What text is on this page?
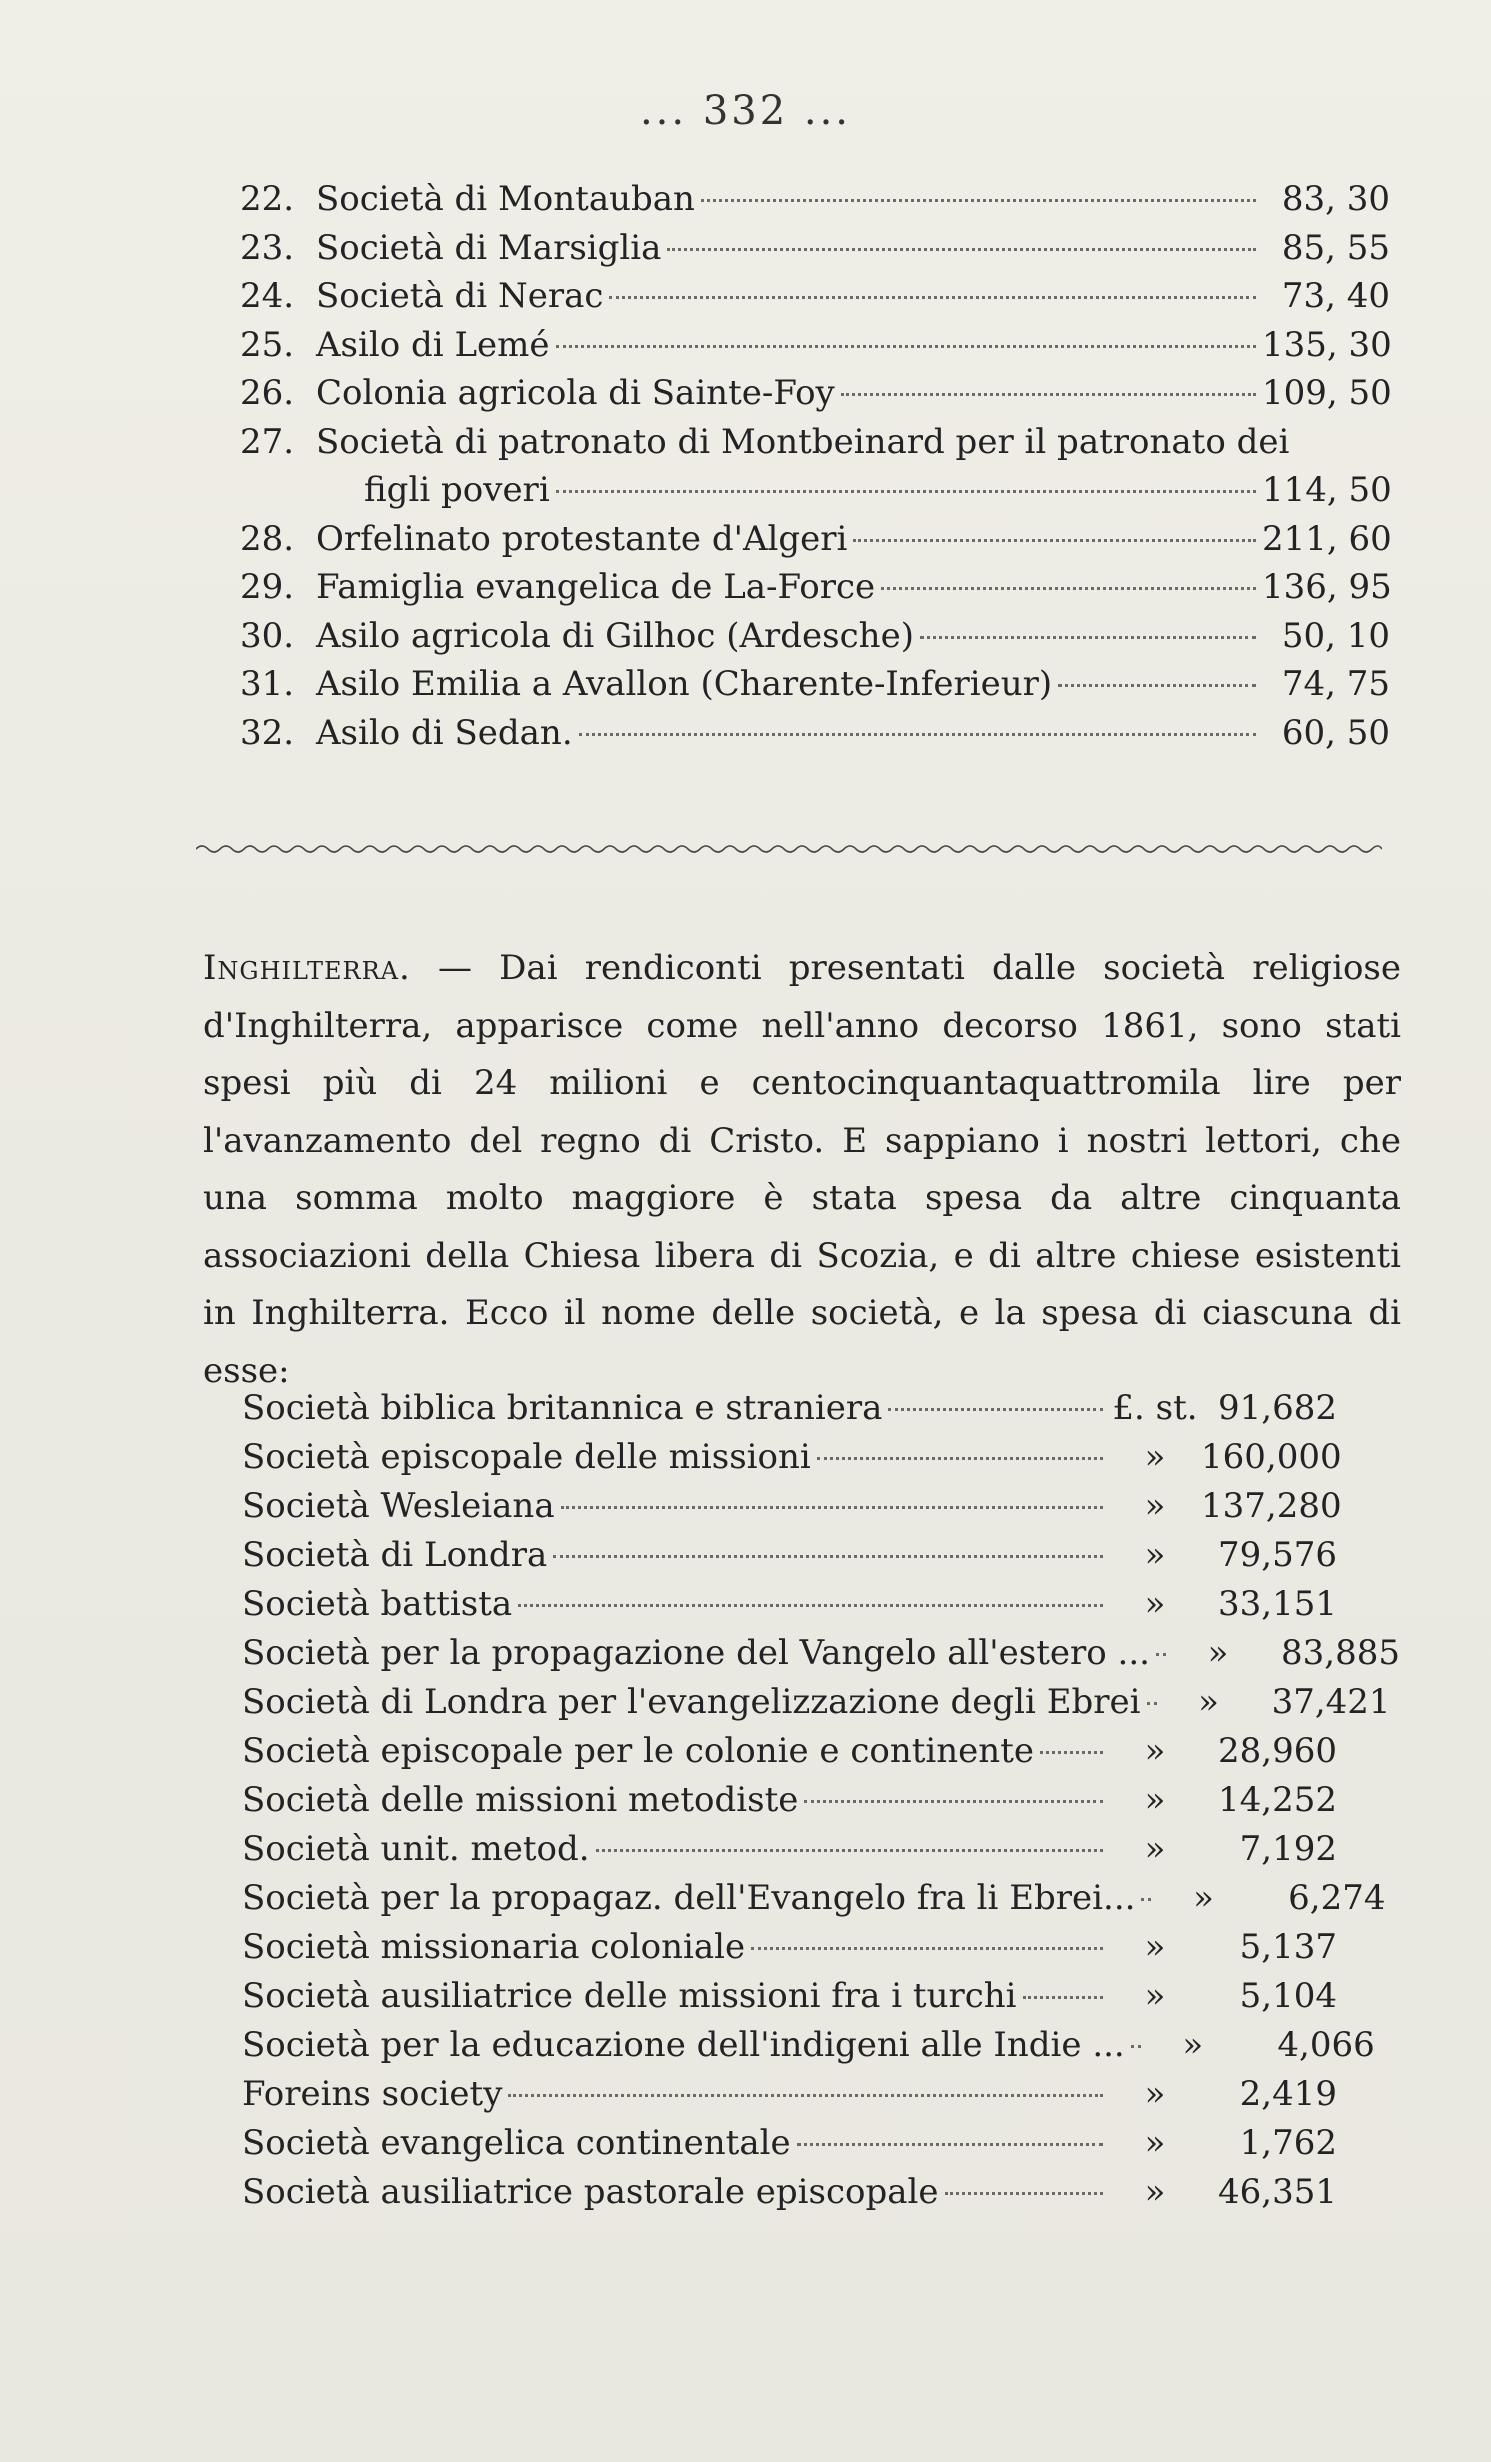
... 332 ...
22. Società di Montauban	83, 30
23. Società di Marsiglia	85, 55
24. Società di Nerac	73, 40
25. Asilo di Lemé	135, 30
26. Colonia agricola di Sainte-Foy	109, 50
27. Società di patronato di Montbeinard per il patronato dei
figli poveri	114, 50
28. Orfelinato protestante d'Algeri	211, 60
29. Famiglia evangelica de La-Force	136, 95
30. Asilo agricola di Gilhoc (Ardesche)	50, 10
31. Asilo Emilia a Avallon (Charente-Inferieur)	74, 75
32. Asilo di Sedan.	60, 50
Inghilterra. — Dai rendiconti presentati dalle società religiose d'Inghilterra, apparisce come nell'anno decorso 1861, sono stati spesi più di 24 milioni e centocinquantaquattromila lire per l'avanzamento del regno di Cristo. E sappiano i nostri lettori, che una somma molto maggiore è stata spesa da altre cinquanta associazioni della Chiesa libera di Scozia, e di altre chiese esistenti in Inghilterra. Ecco il nome delle società, e la spesa di ciascuna di esse:
Società biblica britannica e straniera	£. st. 91,682
Società episcopale delle missioni	»	160,000
Società Wesleiana	»	137,280
Società di Londra	»	79,576
Società battista	»	33,151
Società per la propagazione del Vangelo all'estero ...	»	83,885
Società di Londra per l'evangelizzazione degli Ebrei	»	37,421
Società episcopale per le colonie e continente	»	28,960
Società delle missioni metodiste	»	14,252
Società unit. metod.	»	7,192
Società per la propagaz. dell'Evangelo fra li Ebrei...	»	6,274
Società missionaria coloniale	»	5,137
Società ausiliatrice delle missioni fra i turchi	»	5,104
Società per la educazione dell'indigeni alle Indie ...	»	4,066
Foreins society	»	2,419
Società evangelica continentale	»	1,762
Società ausiliatrice pastorale episcopale	»	46,351
